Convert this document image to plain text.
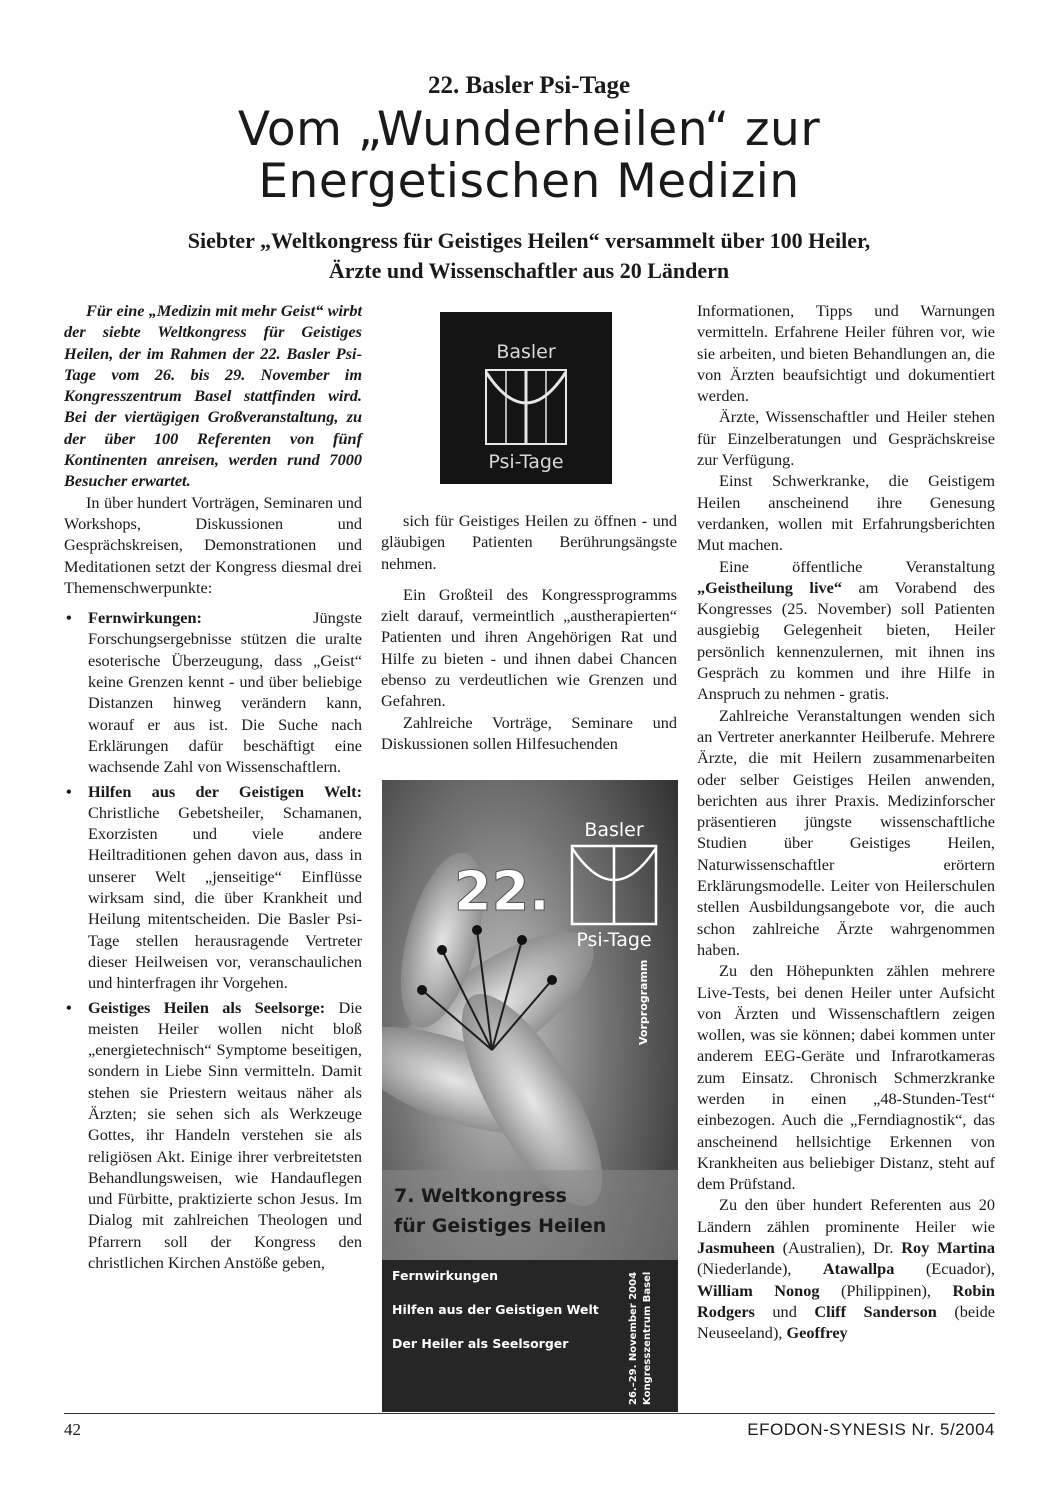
22. Basler Psi-Tage
Vom „Wunderheilen“ zur
Energetischen Medizin
Siebter „Weltkongress für Geistiges Heilen“ versammelt über 100 Heiler,
Ärzte und Wissenschaftler aus 20 Ländern

Für eine „Medizin mit mehr Geist“ wirbt der siebte Weltkongress für Geistiges Heilen, der im Rahmen der 22. Basler Psi-Tage vom 26. bis 29. November im Kongresszentrum Basel stattfinden wird. Bei der viertägigen Großveranstaltung, zu der über 100 Referenten von fünf Kontinenten anreisen, werden rund 7000 Besucher erwartet.

In über hundert Vorträgen, Seminaren und Workshops, Diskussionen und Gesprächskreisen, Demonstrationen und Meditationen setzt der Kongress diesmal drei Themenschwerpunkte:

• Fernwirkungen: Jüngste Forschungsergebnisse stützen die uralte esoterische Überzeugung, dass „Geist“ keine Grenzen kennt - und über beliebige Distanzen hinweg verändern kann, worauf er aus ist. Die Suche nach Erklärungen dafür beschäftigt eine wachsende Zahl von Wissenschaftlern.
• Hilfen aus der Geistigen Welt: Christliche Gebetsheiler, Schamanen, Exorzisten und viele andere Heiltraditionen gehen davon aus, dass in unserer Welt „jenseitige“ Einflüsse wirksam sind, die über Krankheit und Heilung mitentscheiden. Die Basler Psi-Tage stellen herausragende Vertreter dieser Heilweisen vor, veranschaulichen und hinterfragen ihr Vorgehen.
• Geistiges Heilen als Seelsorge: Die meisten Heiler wollen nicht bloß „energietechnisch“ Symptome beseitigen, sondern in Liebe Sinn vermitteln. Damit stehen sie Priestern weitaus näher als Ärzten; sie sehen sich als Werkzeuge Gottes, ihr Handeln verstehen sie als religiösen Akt. Einige ihrer verbreitetsten Behandlungsweisen, wie Handauflegen und Fürbitte, praktizierte schon Jesus. Im Dialog mit zahlreichen Theologen und Pfarrern soll der Kongress den christlichen Kirchen Anstöße geben,
Basler
Psi-Tage

sich für Geistiges Heilen zu öffnen - und gläubigen Patienten Berührungsängste nehmen.

Ein Großteil des Kongressprogramms zielt darauf, vermeintlich „austherapierten“ Patienten und ihren Angehörigen Rat und Hilfe zu bieten - und ihnen dabei Chancen ebenso zu verdeutlichen wie Grenzen und Gefahren.

Zahlreiche Vorträge, Seminare und Diskussionen sollen Hilfesuchenden

22.
Basler
Psi-Tage
Vorprogramm
7. Weltkongress
für Geistiges Heilen
Fernwirkungen
Hilfen aus der Geistigen Welt
Der Heiler als Seelsorger	26.–29. November 2004 Kongresszentrum Basel

Informationen, Tipps und Warnungen vermitteln. Erfahrene Heiler führen vor, wie sie arbeiten, und bieten Behandlungen an, die von Ärzten beaufsichtigt und dokumentiert werden.

Ärzte, Wissenschaftler und Heiler stehen für Einzelberatungen und Gesprächskreise zur Verfügung.

Einst Schwerkranke, die Geistigem Heilen anscheinend ihre Genesung verdanken, wollen mit Erfahrungsberichten Mut machen.

Eine öffentliche Veranstaltung „Geistheilung live“ am Vorabend des Kongresses (25. November) soll Patienten ausgiebig Gelegenheit bieten, Heiler persönlich kennenzulernen, mit ihnen ins Gespräch zu kommen und ihre Hilfe in Anspruch zu nehmen - gratis.

Zahlreiche Veranstaltungen wenden sich an Vertreter anerkannter Heilberufe. Mehrere Ärzte, die mit Heilern zusammenarbeiten oder selber Geistiges Heilen anwenden, berichten aus ihrer Praxis. Medizinforscher präsentieren jüngste wissenschaftliche Studien über Geistiges Heilen, Naturwissenschaftler erörtern Erklärungsmodelle. Leiter von Heilerschulen stellen Ausbildungsangebote vor, die auch schon zahlreiche Ärzte wahrgenommen haben.

Zu den Höhepunkten zählen mehrere Live-Tests, bei denen Heiler unter Aufsicht von Ärzten und Wissenschaftlern zeigen wollen, was sie können; dabei kommen unter anderem EEG-Geräte und Infrarotkameras zum Einsatz. Chronisch Schmerzkranke werden in einen „48-Stunden-Test“ einbezogen. Auch die „Ferndiagnostik“, das anscheinend hellsichtige Erkennen von Krankheiten aus beliebiger Distanz, steht auf dem Prüfstand.

Zu den über hundert Referenten aus 20 Ländern zählen prominente Heiler wie Jasmuheen (Australien), Dr. Roy Martina (Niederlande), Atawallpa (Ecuador), William Nonog (Philippinen), Robin Rodgers und Cliff Sanderson (beide Neuseeland), Geoffrey

42	EFODON-SYNESIS Nr. 5/2004
